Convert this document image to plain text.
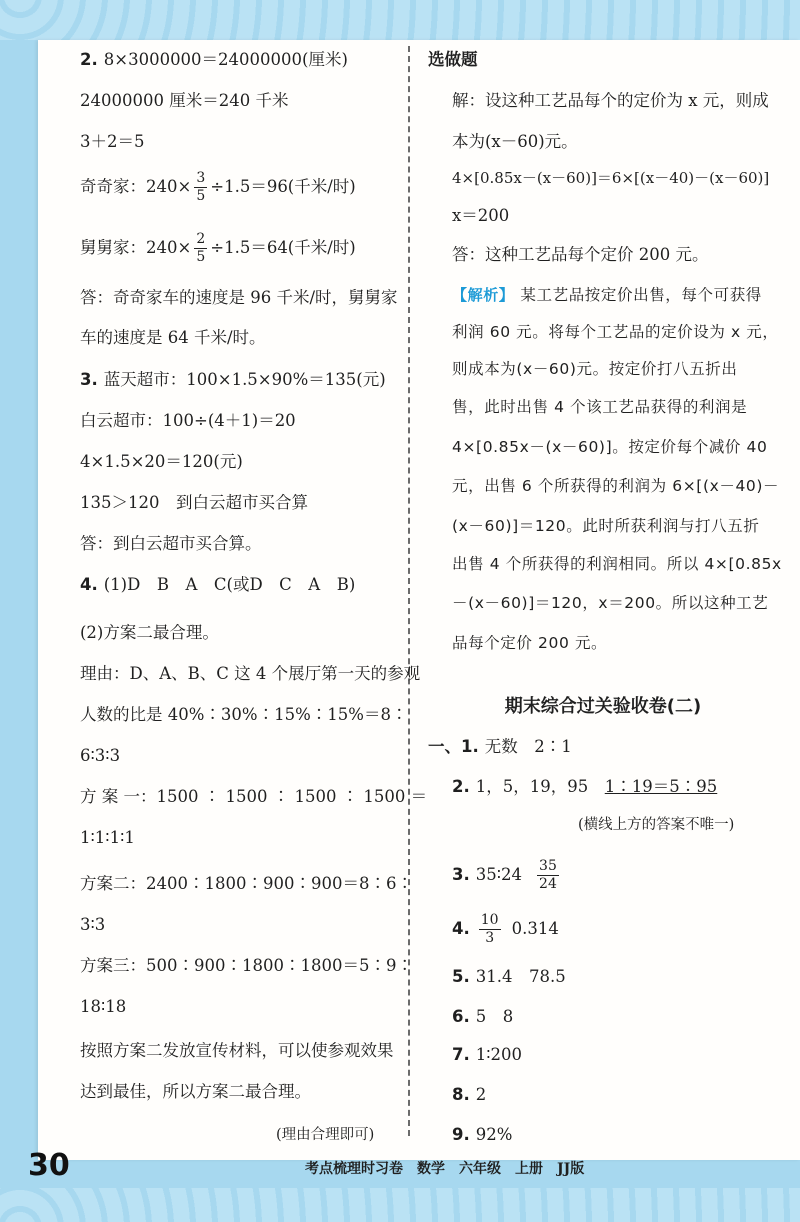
2. 8×3000000＝24000000(厘米)
24000000 厘米＝240 千米
3＋2＝5
奇奇家：$240\times \frac{3}{5} \div 1.5=96$(千米/时)
舅舅家：$240\times \frac{2}{5} \div 1.5=64$(千米/时)
答：奇奇家车的速度是 96 千米/时，舅舅家
车的速度是 64 千米/时。
3. 蓝天超市：100×1.5×90%＝135(元)
白云超市：100÷(4＋1)＝20
4×1.5×20＝120(元)
135＞120　到白云超市买合算
答：到白云超市买合算。
4. (1)D　B　A　C(或D　C　A　B)
(2)方案二最合理。
理由：D、A、B、C 这 4 个展厅第一天的参观
人数的比是 40%∶30%∶15%∶15%＝8∶
6∶3∶3
方 案 一：1500 ∶ 1500 ∶ 1500 ∶ 1500 ＝
1∶1∶1∶1
方案二：2400∶1800∶900∶900＝8∶6∶
3∶3
方案三：500∶900∶1800∶1800＝5∶9∶
18∶18
按照方案二发放宣传材料，可以使参观效果
达到最佳，所以方案二最合理。
(理由合理即可)
选做题
解：设这种工艺品每个的定价为 x 元，则成
本为(x－60)元。
4×[0.85x－(x－60)]＝6×[(x－40)－(x－60)]
x＝200
答：这种工艺品每个定价 200 元。
【解析】 某工艺品按定价出售，每个可获得
利润 60 元。将每个工艺品的定价设为 x 元，
则成本为(x－60)元。按定价打八五折出
售，此时出售 4 个该工艺品获得的利润是
4×[0.85x－(x－60)]。按定价每个减价 40
元，出售 6 个所获得的利润为 6×[(x－40)－
(x－60)]＝120。此时所获利润与打八五折
出售 4 个所获得的利润相同。所以 4×[0.85x
－(x－60)]＝120，x＝200。所以这种工艺
品每个定价 200 元。
期末综合过关验收卷(二)
一、1. 无数　2∶1
2. 1，5，19，95　1∶19＝5∶95
(横线上方的答案不唯一)
3. 35∶24 $\frac{35}{24}$
4. $\frac{10}{3} 0.314$
5. 31.4　78.5
6. 5　8
7. 1∶200
8. 2
9. 92%
30	考点梳理时习卷　数学　六年级　上册　JJ版
